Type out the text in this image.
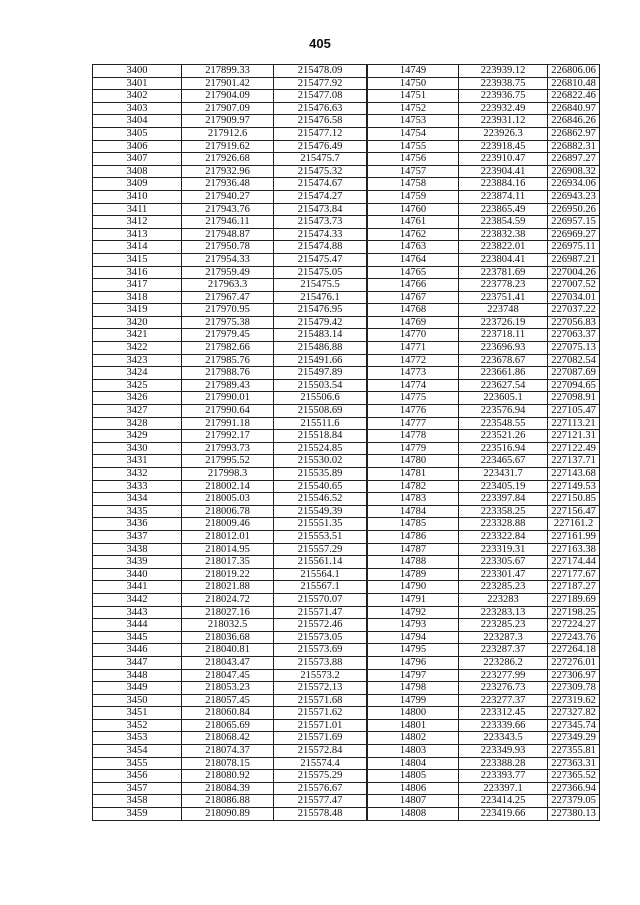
405
3400	217899.33	215478.09	14749	223939.12	226806.06
3401	217901.42	215477.92	14750	223938.75	226810.48
3402	217904.09	215477.08	14751	223936.75	226822.46
3403	217907.09	215476.63	14752	223932.49	226840.97
3404	217909.97	215476.58	14753	223931.12	226846.26
3405	217912.6	215477.12	14754	223926.3	226862.97
3406	217919.62	215476.49	14755	223918.45	226882.31
3407	217926.68	215475.7	14756	223910.47	226897.27
3408	217932.96	215475.32	14757	223904.41	226908.32
3409	217936.48	215474.67	14758	223884.16	226934.06
3410	217940.27	215474.27	14759	223874.11	226943.23
3411	217943.76	215473.84	14760	223865.49	226950.26
3412	217946.11	215473.73	14761	223854.59	226957.15
3413	217948.87	215474.33	14762	223832.38	226969.27
3414	217950.78	215474.88	14763	223822.01	226975.11
3415	217954.33	215475.47	14764	223804.41	226987.21
3416	217959.49	215475.05	14765	223781.69	227004.26
3417	217963.3	215475.5	14766	223778.23	227007.52
3418	217967.47	215476.1	14767	223751.41	227034.01
3419	217970.95	215476.95	14768	223748	227037.22
3420	217975.38	215479.42	14769	223726.19	227056.83
3421	217979.45	215483.14	14770	223718.11	227063.37
3422	217982.66	215486.88	14771	223696.93	227075.13
3423	217985.76	215491.66	14772	223678.67	227082.54
3424	217988.76	215497.89	14773	223661.86	227087.69
3425	217989.43	215503.54	14774	223627.54	227094.65
3426	217990.01	215506.6	14775	223605.1	227098.91
3427	217990.64	215508.69	14776	223576.94	227105.47
3428	217991.18	215511.6	14777	223548.55	227113.21
3429	217992.17	215518.84	14778	223521.26	227121.31
3430	217993.73	215524.85	14779	223516.94	227122.49
3431	217995.52	215530.02	14780	223465.67	227137.71
3432	217998.3	215535.89	14781	223431.7	227143.68
3433	218002.14	215540.65	14782	223405.19	227149.53
3434	218005.03	215546.52	14783	223397.84	227150.85
3435	218006.78	215549.39	14784	223358.25	227156.47
3436	218009.46	215551.35	14785	223328.88	227161.2
3437	218012.01	215553.51	14786	223322.84	227161.99
3438	218014.95	215557.29	14787	223319.31	227163.38
3439	218017.35	215561.14	14788	223305.67	227174.44
3440	218019.22	215564.1	14789	223301.47	227177.67
3441	218021.88	215567.1	14790	223285.23	227187.27
3442	218024.72	215570.07	14791	223283	227189.69
3443	218027.16	215571.47	14792	223283.13	227198.25
3444	218032.5	215572.46	14793	223285.23	227224.27
3445	218036.68	215573.05	14794	223287.3	227243.76
3446	218040.81	215573.69	14795	223287.37	227264.18
3447	218043.47	215573.88	14796	223286.2	227276.01
3448	218047.45	215573.2	14797	223277.99	227306.97
3449	218053.23	215572.13	14798	223276.73	227309.78
3450	218057.45	215571.68	14799	223277.37	227319.62
3451	218060.84	215571.62	14800	223312.45	227327.82
3452	218065.69	215571.01	14801	223339.66	227345.74
3453	218068.42	215571.69	14802	223343.5	227349.29
3454	218074.37	215572.84	14803	223349.93	227355.81
3455	218078.15	215574.4	14804	223388.28	227363.31
3456	218080.92	215575.29	14805	223393.77	227365.52
3457	218084.39	215576.67	14806	223397.1	227366.94
3458	218086.88	215577.47	14807	223414.25	227379.05
3459	218090.89	215578.48	14808	223419.66	227380.13
